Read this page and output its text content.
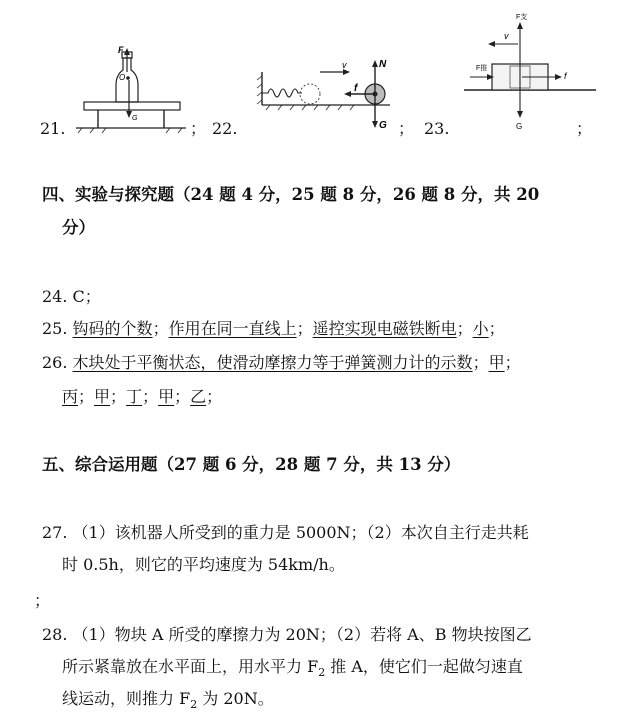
21.
F
O
G
； 22.
v	N
G
f
； 23.
F支
v
F推
f
G	；
四、实验与探究题（24 题 4 分，25 题 8 分，26 题 8 分，共 20
分）
24. C；
25. 钩码的个数；作用在同一直线上；遥控实现电磁铁断电；小；
26. 木块处于平衡状态，使滑动摩擦力等于弹簧测力计的示数；甲；
丙；甲；丁；甲；乙；
五、综合运用题（27 题 6 分，28 题 7 分，共 13 分）
27. （1）该机器人所受到的重力是 5000N；（2）本次自主行走共耗
时 0.5h，则它的平均速度为 54km/h。
；
28. （1）物块 A 所受的摩擦力为 20N；（2）若将 A、B 物块按图乙
所示紧靠放在水平面上，用水平力 $F_2$ 推 A，使它们一起做匀速直
线运动，则推力 $F_2$ 为 20N。
